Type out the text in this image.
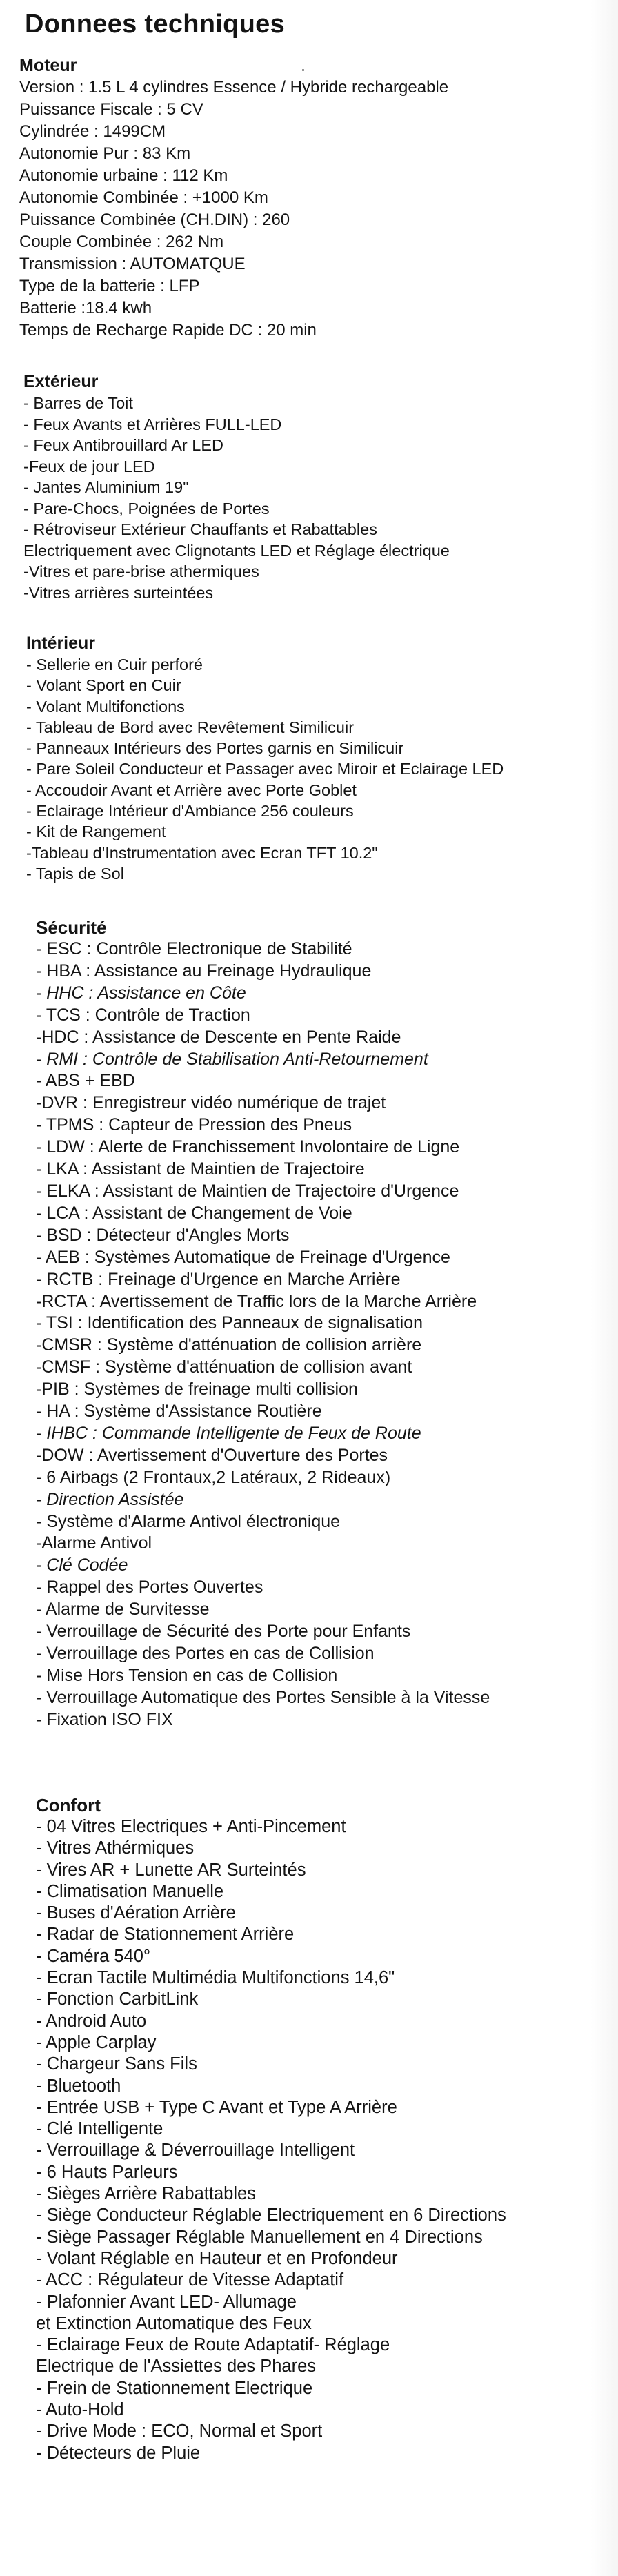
Donnees techniques
Moteur
Version : 1.5 L 4 cylindres Essence / Hybride rechargeable
Puissance Fiscale : 5 CV
Cylindrée : 1499CM
Autonomie Pur : 83 Km
Autonomie urbaine : 112 Km
Autonomie Combinée : +1000 Km
Puissance Combinée (CH.DIN) : 260
Couple Combinée : 262 Nm
Transmission : AUTOMATQUE
Type de la batterie : LFP
Batterie :18.4 kwh
Temps de Recharge Rapide DC : 20 min
Extérieur
- Barres de Toit
- Feux Avants et Arrières FULL-LED
- Feux Antibrouillard Ar LED
-Feux de jour LED
- Jantes Aluminium 19"
- Pare-Chocs, Poignées de Portes
- Rétroviseur Extérieur Chauffants et Rabattables
Electriquement avec Clignotants LED et Réglage électrique
-Vitres et pare-brise athermiques
-Vitres arrières surteintées
Intérieur
- Sellerie en Cuir perforé
- Volant Sport en Cuir
- Volant Multifonctions
- Tableau de Bord avec Revêtement Similicuir
- Panneaux Intérieurs des Portes garnis en Similicuir
- Pare Soleil Conducteur et Passager avec Miroir et Eclairage LED
- Accoudoir Avant et Arrière avec Porte Goblet
- Eclairage Intérieur d'Ambiance 256 couleurs
- Kit de Rangement
-Tableau d'Instrumentation avec Ecran TFT 10.2"
- Tapis de Sol
Sécurité
- ESC : Contrôle Electronique de Stabilité
- HBA : Assistance au Freinage Hydraulique
- HHC : Assistance en Côte
- TCS : Contrôle de Traction
-HDC : Assistance de Descente en Pente Raide
- RMI : Contrôle de Stabilisation Anti-Retournement
- ABS + EBD
-DVR : Enregistreur vidéo numérique de trajet
- TPMS : Capteur de Pression des Pneus
- LDW : Alerte de Franchissement Involontaire de Ligne
- LKA : Assistant de Maintien de Trajectoire
- ELKA : Assistant de Maintien de Trajectoire d'Urgence
- LCA : Assistant de Changement de Voie
- BSD : Détecteur d'Angles Morts
- AEB : Systèmes Automatique de Freinage d'Urgence
- RCTB : Freinage d'Urgence en Marche Arrière
-RCTA : Avertissement de Traffic lors de la Marche Arrière
- TSI : Identification des Panneaux de signalisation
-CMSR : Système d'atténuation de collision arrière
-CMSF : Système d'atténuation de collision avant
-PIB : Systèmes de freinage multi collision
- HA : Système d'Assistance Routière
- IHBC : Commande Intelligente de Feux de Route
-DOW : Avertissement d'Ouverture des Portes
- 6 Airbags (2 Frontaux,2 Latéraux, 2 Rideaux)
- Direction Assistée
- Système d'Alarme Antivol électronique
-Alarme Antivol
- Clé Codée
- Rappel des Portes Ouvertes
- Alarme de Survitesse
- Verrouillage de Sécurité des Porte pour Enfants
- Verrouillage des Portes en cas de Collision
- Mise Hors Tension en cas de Collision
- Verrouillage Automatique des Portes Sensible à la Vitesse
- Fixation ISO FIX
Confort
- 04 Vitres Electriques + Anti-Pincement
- Vitres Athérmiques
- Vires AR + Lunette AR Surteintés
- Climatisation Manuelle
- Buses d'Aération Arrière
- Radar de Stationnement Arrière
- Caméra 540°
- Ecran Tactile Multimédia Multifonctions 14,6"
- Fonction CarbitLink
- Android Auto
- Apple Carplay
- Chargeur Sans Fils
- Bluetooth
- Entrée USB + Type C Avant et Type A Arrière
- Clé Intelligente
- Verrouillage & Déverrouillage Intelligent
- 6 Hauts Parleurs
- Sièges Arrière Rabattables
- Siège Conducteur Réglable Electriquement en 6 Directions
- Siège Passager Réglable Manuellement en 4 Directions
- Volant Réglable en Hauteur et en Profondeur
- ACC : Régulateur de Vitesse Adaptatif
- Plafonnier Avant LED- Allumage
et Extinction Automatique des Feux
- Eclairage Feux de Route Adaptatif- Réglage
Electrique de l'Assiettes des Phares
- Frein de Stationnement Electrique
- Auto-Hold
- Drive Mode : ECO, Normal et Sport
- Détecteurs de Pluie
